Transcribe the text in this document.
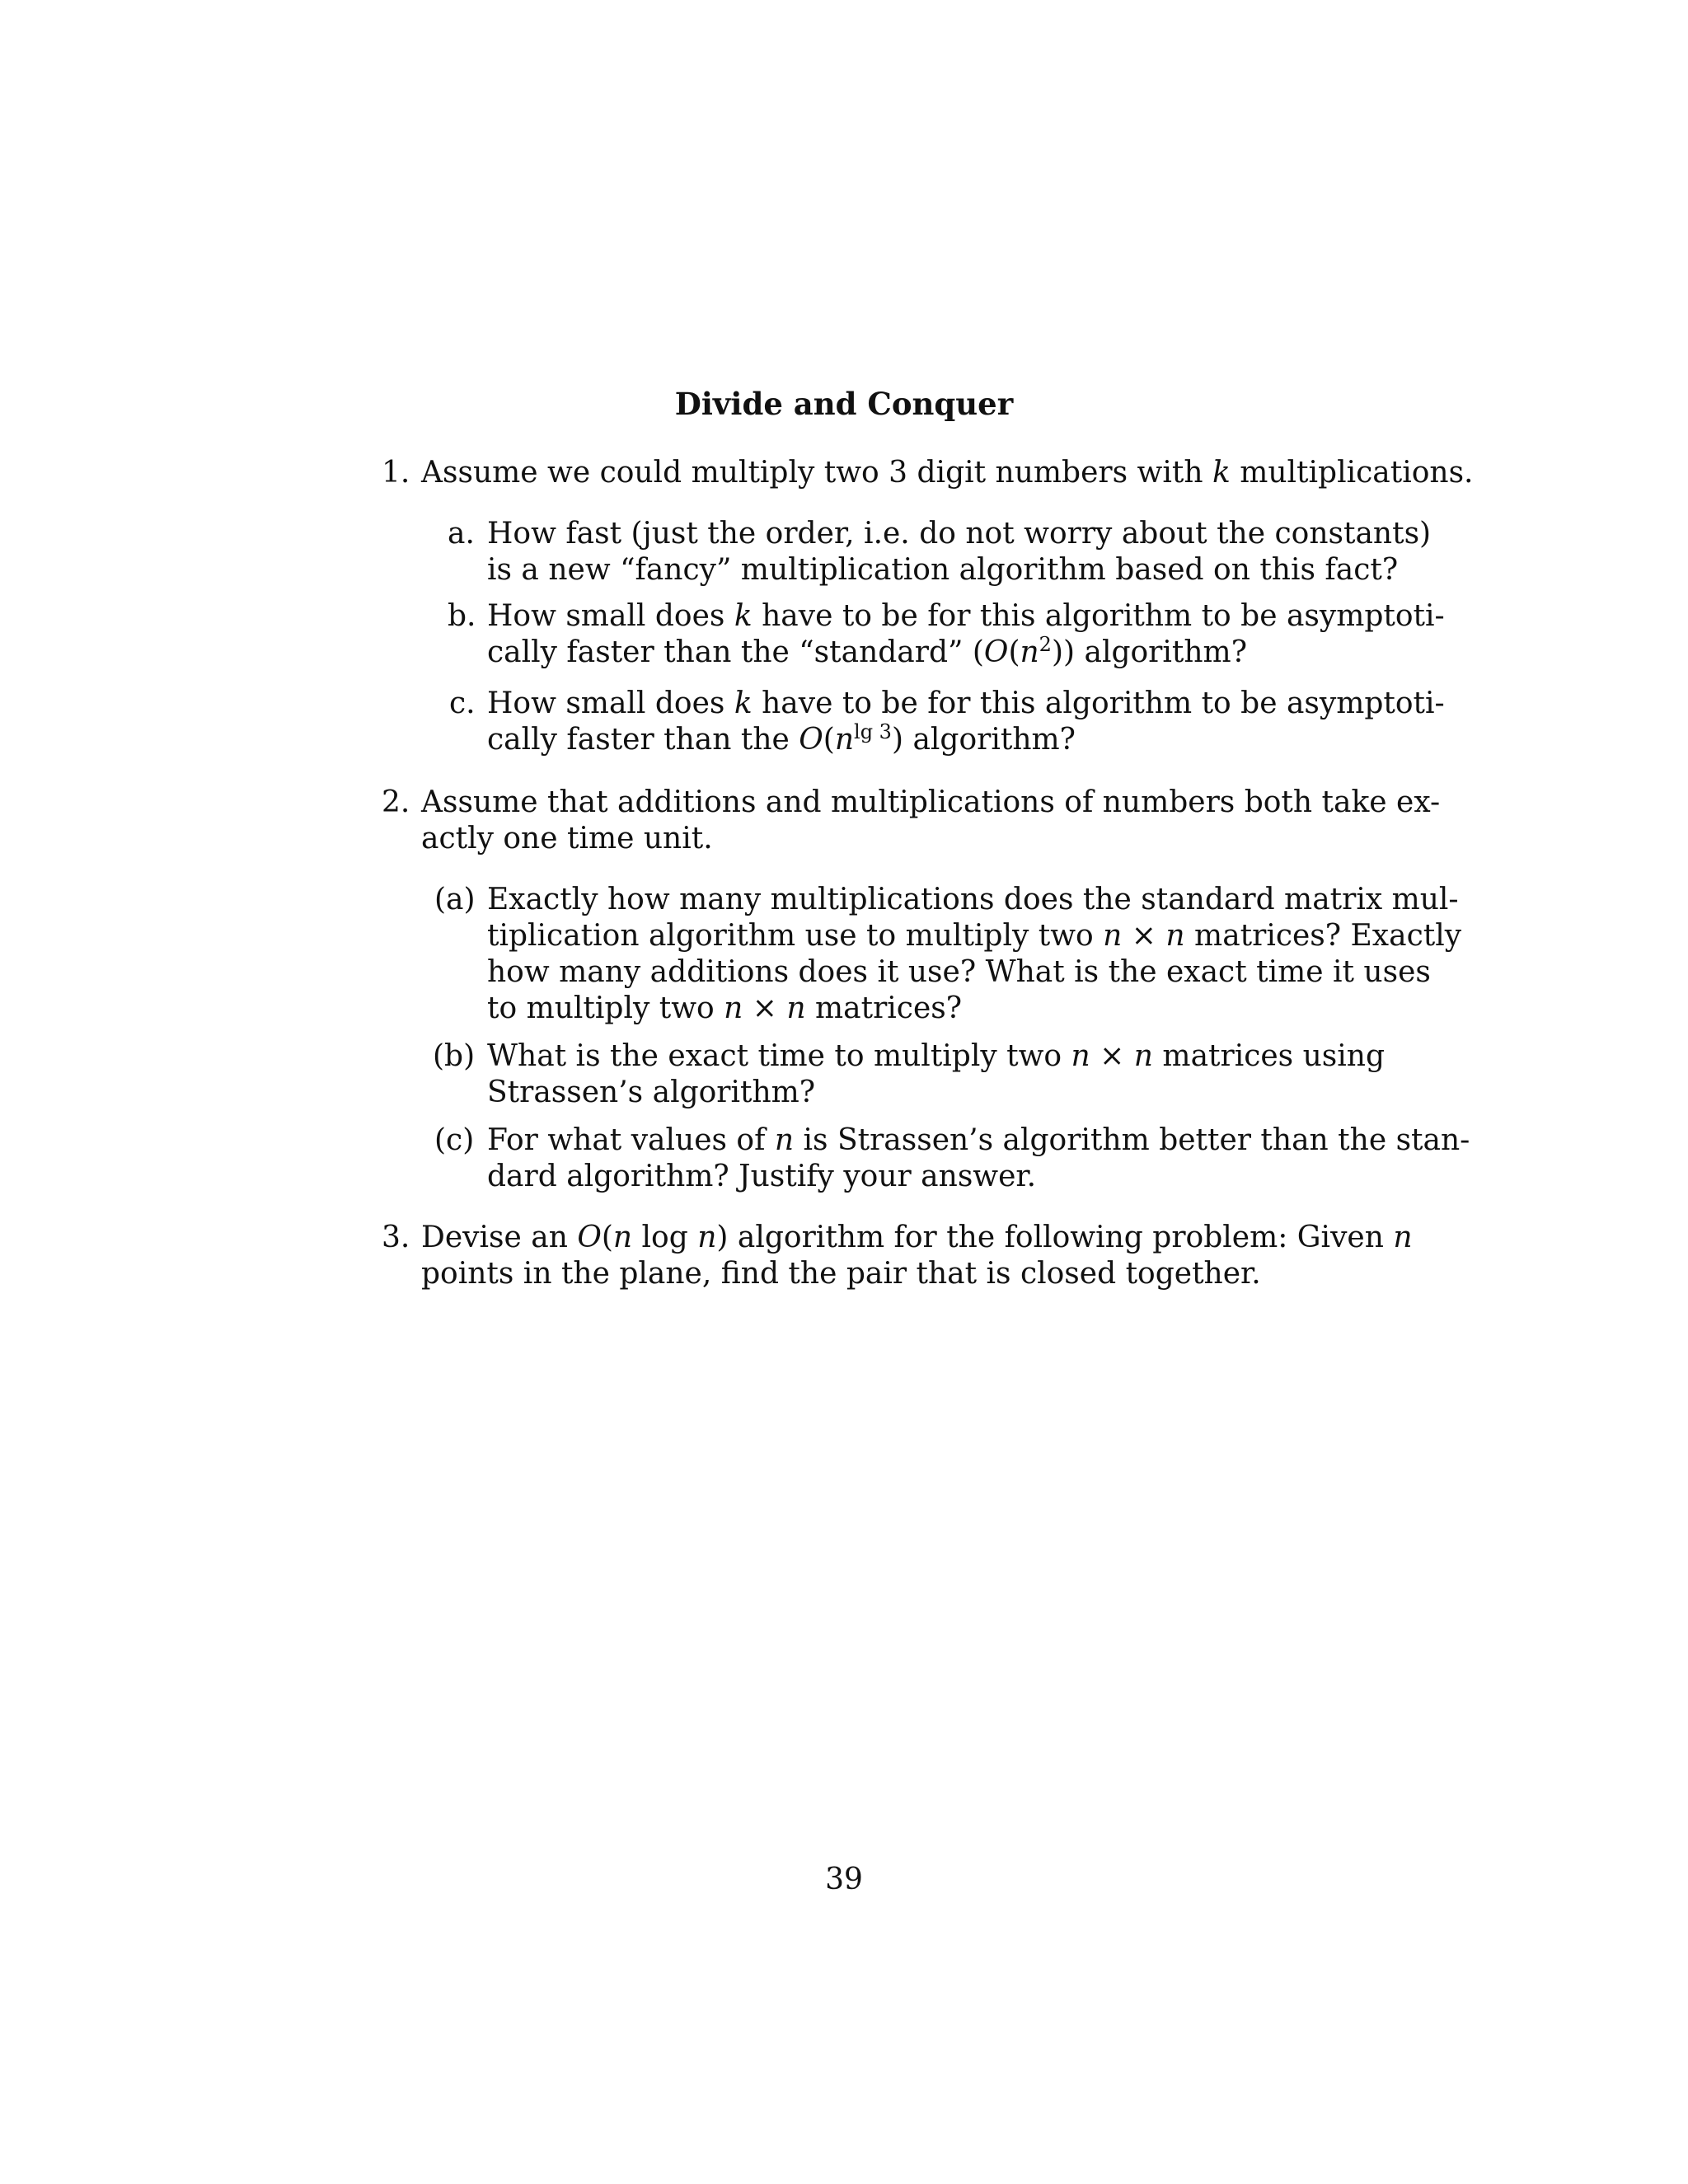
Divide and Conquer
1. Assume we could multiply two 3 digit numbers with k multiplications.
a. How fast (just the order, i.e. do not worry about the constants)
is a new “fancy” multiplication algorithm based on this fact?
b. How small does k have to be for this algorithm to be asymptoti-
cally faster than the “standard” $(O(n^2))$ algorithm?
c. How small does k have to be for this algorithm to be asymptoti-
cally faster than the $O(n^{lg 3})$ algorithm?
2. Assume that additions and multiplications of numbers both take ex-
actly one time unit.
(a) Exactly how many multiplications does the standard matrix mul-
tiplication algorithm use to multiply two n × n matrices? Exactly
how many additions does it use? What is the exact time it uses
to multiply two n × n matrices?
(b) What is the exact time to multiply two n × n matrices using
Strassen’s algorithm?
(c) For what values of n is Strassen’s algorithm better than the stan-
dard algorithm? Justify your answer.
3. Devise an O(n log n) algorithm for the following problem: Given n
points in the plane, find the pair that is closed together.
39
